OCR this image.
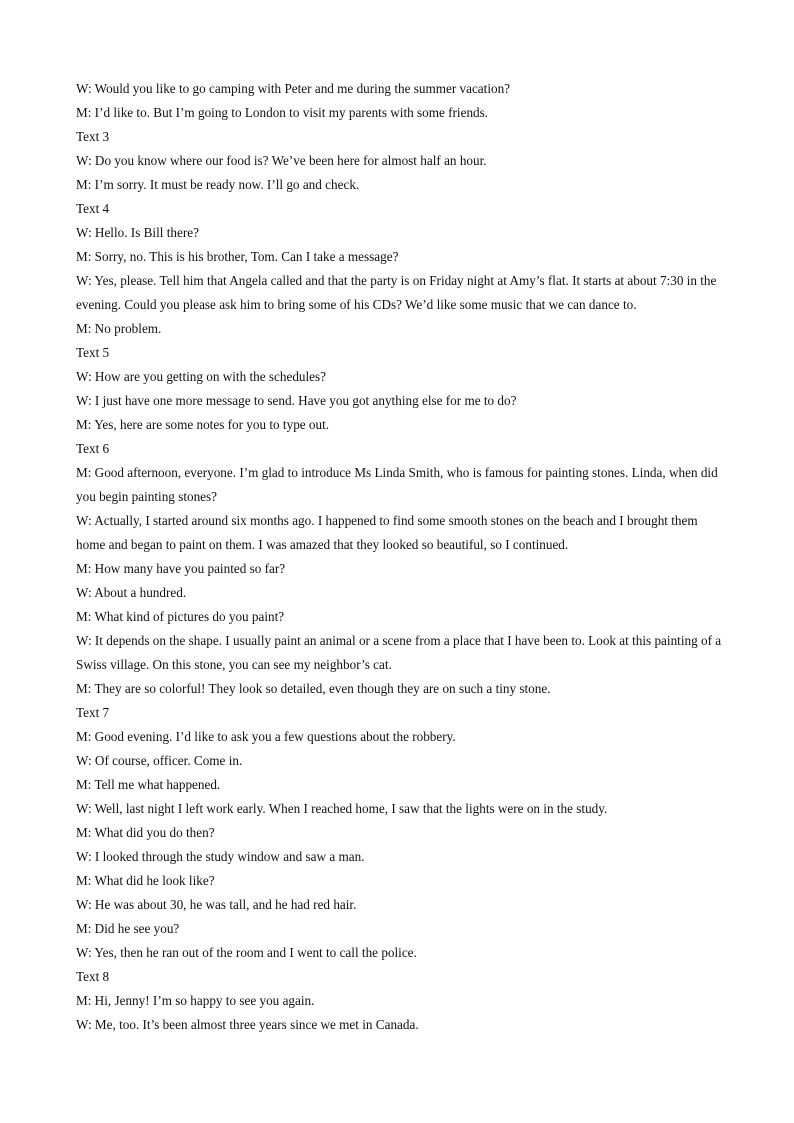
W: Would you like to go camping with Peter and me during the summer vacation?

M: I’d like to. But I’m going to London to visit my parents with some friends.

Text 3

W: Do you know where our food is? We’ve been here for almost half an hour.

M: I’m sorry. It must be ready now. I’ll go and check.

Text 4

W: Hello. Is Bill there?

M: Sorry, no. This is his brother, Tom. Can I take a message?

W: Yes, please. Tell him that Angela called and that the party is on Friday night at Amy’s flat. It starts at about 7:30 in the evening. Could you please ask him to bring some of his CDs? We’d like some music that we can dance to.

M: No problem.

Text 5

W: How are you getting on with the schedules?

W: I just have one more message to send. Have you got anything else for me to do?

M: Yes, here are some notes for you to type out.

Text 6

M: Good afternoon, everyone. I’m glad to introduce Ms Linda Smith, who is famous for painting stones. Linda, when did you begin painting stones?

W: Actually, I started around six months ago. I happened to find some smooth stones on the beach and I brought them home and began to paint on them. I was amazed that they looked so beautiful, so I continued.

M: How many have you painted so far?

W: About a hundred.

M: What kind of pictures do you paint?

W: It depends on the shape. I usually paint an animal or a scene from a place that I have been to. Look at this painting of a Swiss village. On this stone, you can see my neighbor’s cat.

M: They are so colorful! They look so detailed, even though they are on such a tiny stone.

Text 7

M: Good evening. I’d like to ask you a few questions about the robbery.

W: Of course, officer. Come in.

M: Tell me what happened.

W: Well, last night I left work early. When I reached home, I saw that the lights were on in the study.

M: What did you do then?

W: I looked through the study window and saw a man.

M: What did he look like?

W: He was about 30, he was tall, and he had red hair.

M: Did he see you?

W: Yes, then he ran out of the room and I went to call the police.

Text 8

M: Hi, Jenny! I’m so happy to see you again.

W: Me, too. It’s been almost three years since we met in Canada.
